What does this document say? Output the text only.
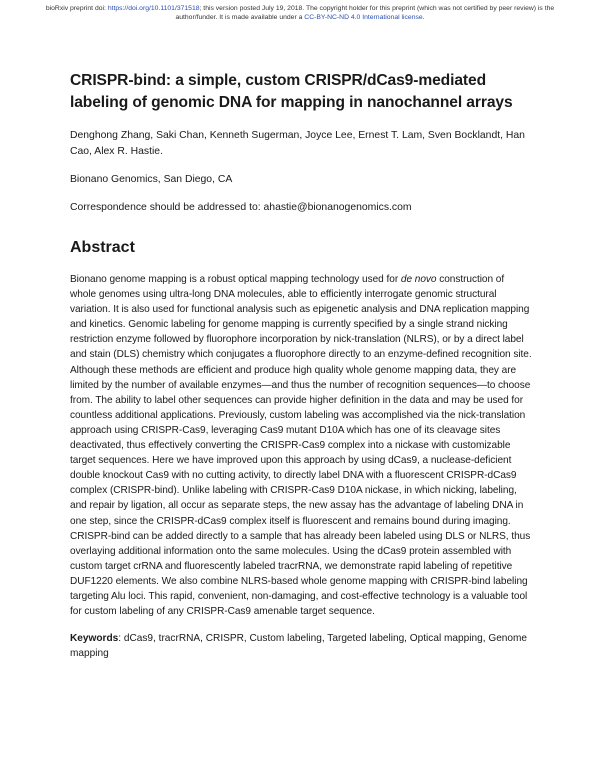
bioRxiv preprint doi: https://doi.org/10.1101/371518; this version posted July 19, 2018. The copyright holder for this preprint (which was not certified by peer review) is the author/funder. It is made available under a CC-BY-NC-ND 4.0 International license.
CRISPR-bind: a simple, custom CRISPR/dCas9-mediated labeling of genomic DNA for mapping in nanochannel arrays
Denghong Zhang, Saki Chan, Kenneth Sugerman, Joyce Lee, Ernest T. Lam, Sven Bocklandt, Han Cao, Alex R. Hastie.
Bionano Genomics, San Diego, CA
Correspondence should be addressed to: ahastie@bionanogenomics.com
Abstract
Bionano genome mapping is a robust optical mapping technology used for de novo construction of whole genomes using ultra-long DNA molecules, able to efficiently interrogate genomic structural variation. It is also used for functional analysis such as epigenetic analysis and DNA replication mapping and kinetics. Genomic labeling for genome mapping is currently specified by a single strand nicking restriction enzyme followed by fluorophore incorporation by nick-translation (NLRS), or by a direct label and stain (DLS) chemistry which conjugates a fluorophore directly to an enzyme-defined recognition site. Although these methods are efficient and produce high quality whole genome mapping data, they are limited by the number of available enzymes—and thus the number of recognition sequences—to choose from. The ability to label other sequences can provide higher definition in the data and may be used for countless additional applications. Previously, custom labeling was accomplished via the nick-translation approach using CRISPR-Cas9, leveraging Cas9 mutant D10A which has one of its cleavage sites deactivated, thus effectively converting the CRISPR-Cas9 complex into a nickase with customizable target sequences. Here we have improved upon this approach by using dCas9, a nuclease-deficient double knockout Cas9 with no cutting activity, to directly label DNA with a fluorescent CRISPR-dCas9 complex (CRISPR-bind). Unlike labeling with CRISPR-Cas9 D10A nickase, in which nicking, labeling, and repair by ligation, all occur as separate steps, the new assay has the advantage of labeling DNA in one step, since the CRISPR-dCas9 complex itself is fluorescent and remains bound during imaging. CRISPR-bind can be added directly to a sample that has already been labeled using DLS or NLRS, thus overlaying additional information onto the same molecules. Using the dCas9 protein assembled with custom target crRNA and fluorescently labeled tracrRNA, we demonstrate rapid labeling of repetitive DUF1220 elements. We also combine NLRS-based whole genome mapping with CRISPR-bind labeling targeting Alu loci. This rapid, convenient, non-damaging, and cost-effective technology is a valuable tool for custom labeling of any CRISPR-Cas9 amenable target sequence.
Keywords: dCas9, tracrRNA, CRISPR, Custom labeling, Targeted labeling, Optical mapping, Genome mapping
